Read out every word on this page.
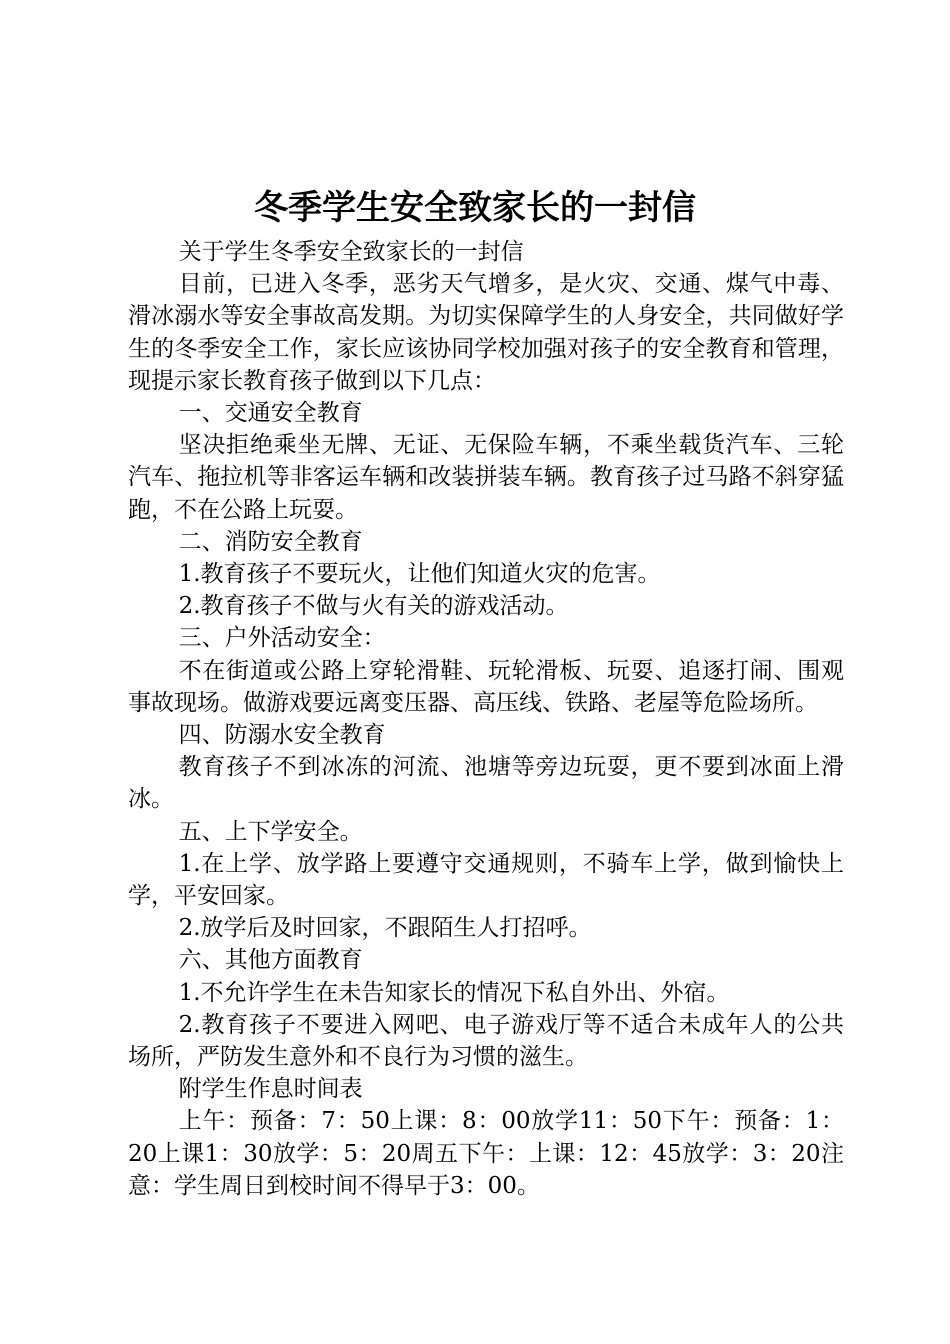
冬季学生安全致家长的一封信

关于学生冬季安全致家长的一封信

目前，已进入冬季，恶劣天气增多，是火灾、交通、煤气中毒、滑冰溺水等安全事故高发期。为切实保障学生的人身安全，共同做好学生的冬季安全工作，家长应该协同学校加强对孩子的安全教育和管理，现提示家长教育孩子做到以下几点：

一、交通安全教育

坚决拒绝乘坐无牌、无证、无保险车辆，不乘坐载货汽车、三轮汽车、拖拉机等非客运车辆和改装拼装车辆。教育孩子过马路不斜穿猛跑，不在公路上玩耍。

二、消防安全教育

1.教育孩子不要玩火，让他们知道火灾的危害。

2.教育孩子不做与火有关的游戏活动。

三、户外活动安全：

不在街道或公路上穿轮滑鞋、玩轮滑板、玩耍、追逐打闹、围观事故现场。做游戏要远离变压器、高压线、铁路、老屋等危险场所。

四、防溺水安全教育

教育孩子不到冰冻的河流、池塘等旁边玩耍，更不要到冰面上滑冰。

五、上下学安全。

1.在上学、放学路上要遵守交通规则，不骑车上学，做到愉快上学，平安回家。

2.放学后及时回家，不跟陌生人打招呼。

六、其他方面教育

1.不允许学生在未告知家长的情况下私自外出、外宿。

2.教育孩子不要进入网吧、电子游戏厅等不适合未成年人的公共场所，严防发生意外和不良行为习惯的滋生。

附学生作息时间表

上午：预备：7：50上课：8：00放学11：50下午：预备：1：20上课1：30放学：5：20周五下午：上课：12：45放学：3：20注意：学生周日到校时间不得早于3：00。
